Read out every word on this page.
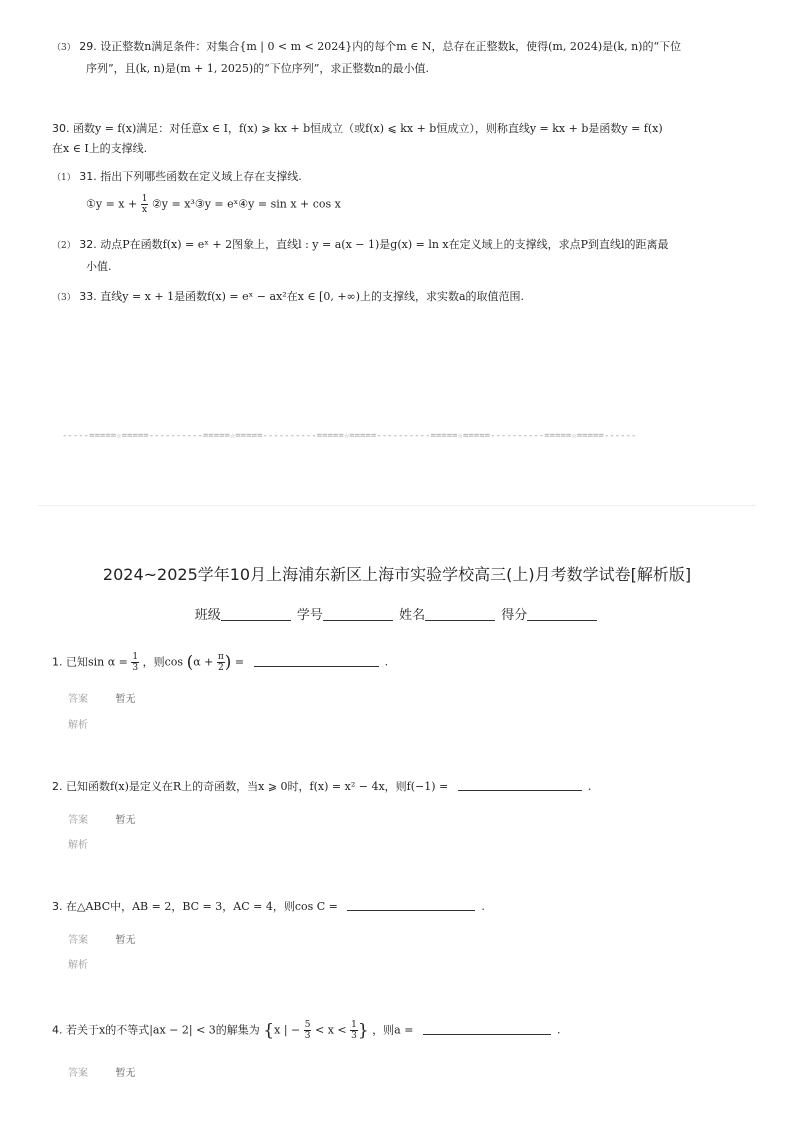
（3） 29. 设正整数n满足条件：对集合{m | 0 < m < 2024}内的每个m ∈ N，总存在正整数k，使得(m, 2024)是(k, n)的“下位
序列”，且(k, n)是(m + 1, 2025)的“下位序列”，求正整数n的最小值.
30. 函数y = f(x)满足：对任意x ∈ I，f(x) ⩾ kx + b恒成立（或f(x) ⩽ kx + b恒成立），则称直线y = kx + b是函数y = f(x)
在x ∈ I上的支撑线.
（1） 31. 指出下列哪些函数在定义域上存在支撑线.
①y = $x + \frac{1}{x}$ ②y = x³③y = eˣ④y = sin x + cos x
（2） 32. 动点P在函数f(x) = eˣ + 2图象上，直线l : y = a(x − 1)是g(x) = ln x在定义域上的支撑线，求点P到直线l的距离最
小值.
（3） 33. 直线y = x + 1是函数f(x) = eˣ − ax²在x ∈ [0, +∞)上的支撑线，求实数a的取值范围.
-----=====☆=====----------=====☆=====----------=====☆=====----------=====☆=====----------=====☆=====------
2024~2025学年10月上海浦东新区上海市实验学校高三(上)月考数学试卷[解析版]
班级	学号	姓名	得分
1. 已知$\sin \alpha = \frac{1}{3}$ ，则$\cos (\alpha + \frac{\pi}{2}$ ) =	.
答案	暂无
解析
2. 已知函数f(x)是定义在R上的奇函数，当x ⩾ 0时，f(x) = x² − 4x，则f(−1) =	.
答案	暂无
解析
3. 在△ABC中，AB = 2，BC = 3，AC = 4，则cos C =	.
答案	暂无
解析
4. 若关于x的不等式|ax − 2| < 3的解集为 {x | − $\frac{5}{3} < x < \frac{1}{3}$ } ，则a =	.
答案	暂无
